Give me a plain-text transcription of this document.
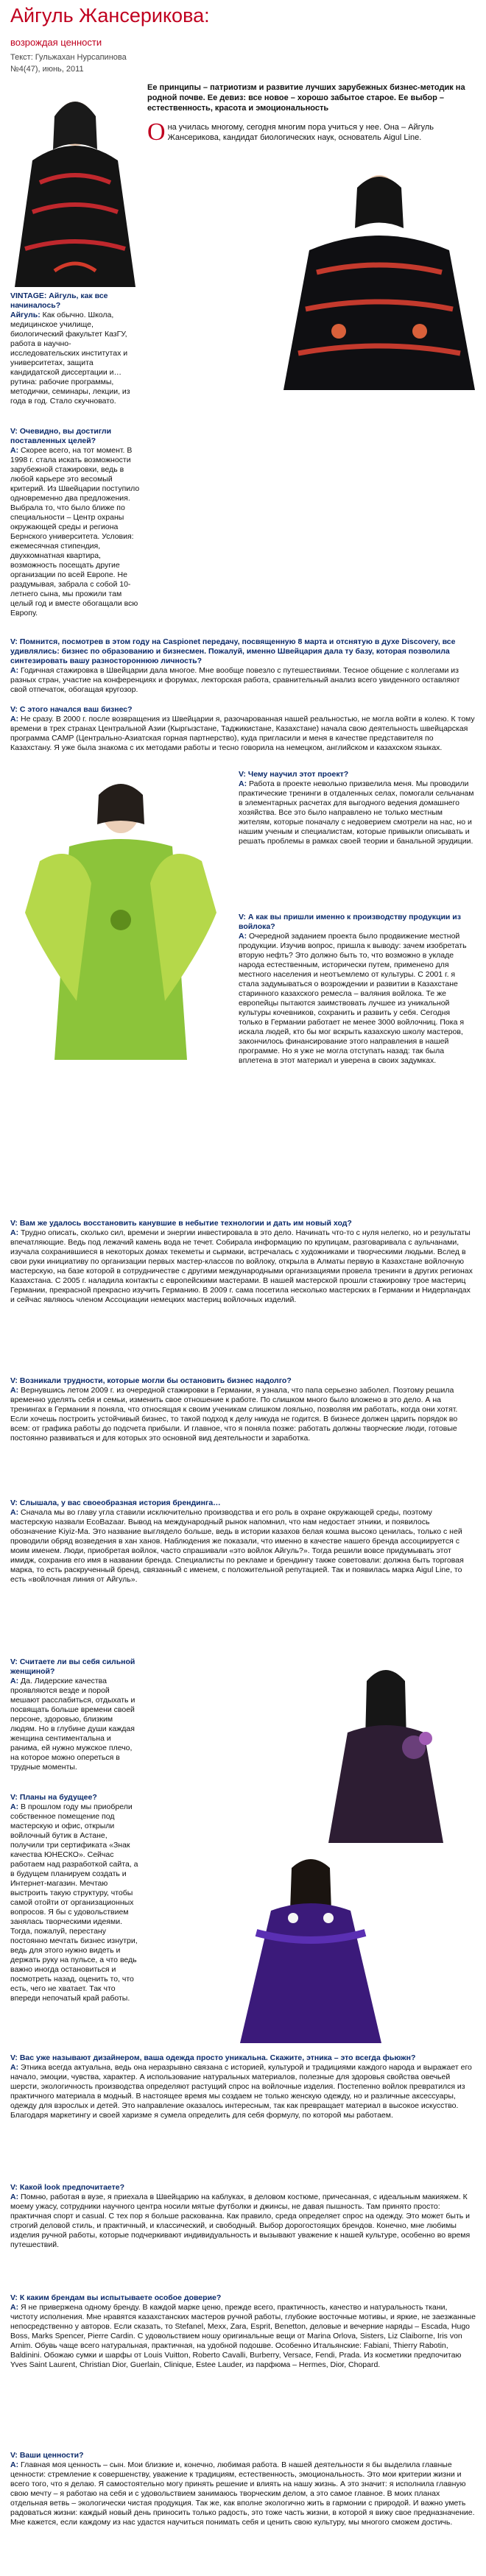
Айгуль Жансерикова:
возрождая ценности
Текст: Гульжахан Нурсапинова
№4(47), июнь, 2011
Ее принципы – патриотизм и развитие лучших зарубежных бизнес-методик на родной почве. Ее девиз: все новое – хорошо забытое старое. Ее выбор – естественность, красота и эмоциональность
Она училась многому, сегодня многим пора учиться у нее. Она – Айгуль Жансерикова, кандидат биологических наук, основатель Aigul Line.
VINTAGE: Айгуль, как все начиналось?
Айгуль: Как обычно. Школа, медицинское училище, биологический факультет КазГУ, работа в научно-исследовательских институтах и университетах, защита кандидатской диссертации и… рутина: рабочие программы, методички, семинары, лекции, из года в год. Стало скучновато.
V: Очевидно, вы достигли поставленных целей?
А: Скорее всего, на тот момент. В 1998 г. стала искать возможности зарубежной стажировки, ведь в любой карьере это весомый критерий. Из Швейцарии поступило одновременно два предложения. Выбрала то, что было ближе по специальности – Центр охраны окружающей среды и региона Бернского университета. Условия: ежемесячная стипендия, двухкомнатная квартира, возможность посещать другие организации по всей Европе. Не раздумывая, забрала с собой 10-летнего сына, мы прожили там целый год и вместе обогащали всю Европу.
V: Помнится, посмотрев в этом году на Caspionet передачу, посвященную 8 марта и отснятую в духе Discovery, все удивлялись: бизнес по образованию и бизнесмен. Пожалуй, именно Швейцария дала ту базу, которая позволила синтезировать вашу разностороннюю личность?
А: Годичная стажировка в Швейцарии дала многое. Мне вообще повезло с путешествиями. Тесное общение с коллегами из разных стран, участие на конференциях и форумах, лекторская работа, сравнительный анализ всего увиденного оставляют свой отпечаток, обогащая кругозор.
V: С этого начался ваш бизнес?
А: Не сразу. В 2000 г. после возвращения из Швейцарии я, разочарованная нашей реальностью, не могла войти в колею. К тому времени в трех странах Центральной Азии (Кыргызстане, Таджикистане, Казахстане) начала свою деятельность швейцарская программа CAMP (Центрально-Азиатская горная партнерство), куда пригласили и меня в качестве представителя по Казахстану. Я уже была знакома с их методами работы и тесно говорила на немецком, английском и казахском языках.
V: Чему научил этот проект?
А: Работа в проекте невольно призвелила меня. Мы проводили практические тренинги в отдаленных селах, помогали сельчанам в элементарных расчетах для выгодного ведения домашнего хозяйства. Все это было направлено не только местным жителям, которые поначалу с недоверием смотрели на нас, но и нашим ученым и специалистам, которые привыкли описывать и решать проблемы в рамках своей теории и банальной эрудиции.
V: А как вы пришли именно к производству продукции из войлока?
А: Очередной заданием проекта было продвижение местной продукции. Изучив вопрос, пришла к выводу: зачем изобретать вторую нефть? Это должно быть то, что возможно в укладе народа естественным, исторически путем, применено для местного населения и неотъемлемо от культуры. С 2001 г. я стала задумываться о возрождении и развитии в Казахстане старинного казахского ремесла – валяния войлока. Те же европейцы пытаются заимствовать лучшее из уникальной культуры кочевников, сохранить и развить у себя. Сегодня только в Германии работает не менее 3000 войлочниц. Пока я искала людей, кто бы мог вскрыть казахскую школу мастеров, закончилось финансирование этого направления в нашей программе. Но я уже не могла отступать назад: так была вплетена в этот материал и уверена в своих задумках.
V: Вам же удалось восстановить канувшие в небытие технологии и дать им новый ход?
А: Трудно описать, сколько сил, времени и энергии инвестировала в это дело. Начинать что-то с нуля нелегко, но и результаты впечатляющие. Ведь под лежачий камень вода не течет. Собирала информацию по крупицам, разговаривала с аульчанами, изучала сохранившиеся в некоторых домах текеметы и сырмаки, встречалась с художниками и творческими людьми. Вслед в свои руки инициативу по организации первых мастер-классов по войлоку, открыла в Алматы первую в Казахстане войлочную мастерскую, на базе которой в сотрудничестве с другими международными организациями провела тренинги в других регионах Казахстана. С 2005 г. наладила контакты с европейскими мастерами. В нашей мастерской прошли стажировку трое мастериц Германии, прекрасной прекрасно изучить Германию. В 2009 г. сама посетила несколько мастерских в Германии и Нидерландах и сейчас являюсь членом Ассоциации немецких мастериц войлочных изделий.
V: Возникали трудности, которые могли бы остановить бизнес надолго?
А: Вернувшись летом 2009 г. из очередной стажировки в Германии, я узнала, что папа серьезно заболел. Поэтому решила временно уделять себя и семьи, изменить свое отношение к работе. По слишком много было вложено в это дело. А на тренингах в Германии я поняла, что относящая к своим ученикам слишком лояльно, позволяя им работать, когда они хотят. Если хочешь построить устойчивый бизнес, то такой подход к делу никуда не годится. В бизнесе должен царить порядок во всем: от графика работы до подсчета прибыли. И главное, что я поняла позже: работать должны творческие люди, готовые постоянно развиваться и для которых это основной вид деятельности и заработка.
V: Слышала, у вас своеобразная история брендинга…
А: Сначала мы во главу угла ставили исключительно производства и его роль в охране окружающей среды, поэтому мастерскую назвали EcoBazaar. Вывод на международный рынок напомнил, что нам недостает этники, и появилось обозначение Kiyiz-Ma. Это название выглядело больше, ведь в истории казахов белая кошма высоко ценилась, только с ней проводили обряд возведения в хан ханов. Наблюдения же показали, что именно в качестве нашего бренда ассоциируется с моим именем. Люди, приобретая войлок, часто спрашивали «это войлок Айгуль?». Тогда решили вовсе придумывать этот имидж, сохранив его имя в названии бренда. Специалисты по рекламе и брендингу также советовали: должна быть торговая марка, то есть раскрученный бренд, связанный с именем, с положительной репутацией. Так и появилась марка Aigul Line, то есть «войлочная линия от Айгуль».
V: Считаете ли вы себя сильной женщиной?
А: Да. Лидерские качества проявляются везде и порой мешают расслабиться, отдыхать и посвящать больше времени своей персоне, здоровью, близким людям. Но в глубине души каждая женщина сентиментальна и ранима, ей нужно мужское плечо, на которое можно опереться в трудные моменты.
V: Планы на будущее?
А: В прошлом году мы приобрели собственное помещение под мастерскую и офис, открыли войлочный бутик в Астане, получили три сертификата «Знак качества ЮНЕСКО». Сейчас работаем над разработкой сайта, а в будущем планируем создать и Интернет-магазин. Мечтаю выстроить такую структуру, чтобы самой отойти от организационных вопросов. Я бы с удовольствием занялась творческими идеями. Тогда, пожалуй, перестану постоянно мечтать бизнес изнутри, ведь для этого нужно видеть и держать руку на пульсе, а что ведь важно иногда остановиться и посмотреть назад, оценить то, что есть, чего не хватает. Так что впереди непочатый край работы.
V: Вас уже называют дизайнером, ваша одежда просто уникальна. Скажите, этника – это всегда фьюжн?
А: Этника всегда актуальна, ведь она неразрывно связана с историей, культурой и традициями каждого народа и выражает его начало, эмоции, чувства, характер. А использование натуральных материалов, полезные для здоровья свойства овечьей шерсти, экологичность производства определяют растущий спрос на войлочные изделия. Постепенно войлок превратился из практичного материала в модный. В настоящее время мы создаем не только женскую одежду, но и различные аксессуары, одежду для взрослых и детей. Это направление оказалось интересным, так как превращает материал в высокое искусство. Благодаря маркетингу и своей харизме я сумела определить для себя формулу, по которой мы работаем.
V: Какой look предпочитаете?
А: Помню, работая в вузе, я приехала в Швейцарию на каблуках, в деловом костюме, причесанная, с идеальным макияжем. К моему ужасу, сотрудники научного центра носили мятые футболки и джинсы, не давая пышность. Там принято просто: практичная спорт и casual. С тех пор я больше раскованна. Как правило, среда определяет спрос на одежду. Это может быть и строгий деловой стиль, и практичный, и классический, и свободный. Выбор дорогостоящих брендов. Конечно, мне любимы изделия ручной работы, которые подчеркивают индивидуальность и вызывают уважение к нашей культуре, особенно во время путешествий.
V: К каким брендам вы испытываете особое доверие?
А: Я не привержена одному бренду. В каждой марке ценю, прежде всего, практичность, качество и натуральность ткани, чистоту исполнения. Мне нравятся казахстанских мастеров ручной работы, глубокие восточные мотивы, и яркие, не заезжанные непосредственно у авторов. Если сказать, то Stefanel, Mexx, Zara, Esprit, Benetton, деловые и вечерние наряды – Escada, Hugo Boss, Marks Spencer, Pierre Cardin. С удовольствием ношу оригинальные вещи от Marina Orlova, Sisters, Liz Claiborne, Iris von Arnim. Обувь чаще всего натуральная, практичная, на удобной подошве. Особенно Итальянские: Fabiani, Thierry Rabotin, Baldinini. Обожаю сумки и шарфы от Louis Vuitton, Roberto Cavalli, Burberry, Versace, Fendi, Prada. Из косметики предпочитаю Yves Saint Laurent, Christian Dior, Guerlain, Clinique, Estee Lauder, из парфюма – Hermes, Dior, Chopard.
V: Ваши ценности?
А: Главная моя ценность – сын. Мои близкие и, конечно, любимая работа. В нашей деятельности я бы выделила главные ценности: стремление к совершенству, уважение к традициям, естественность, эмоциональность. Это мои критерии жизни и всего того, что я делаю. Я самостоятельно могу принять решение и влиять на нашу жизнь. А это значит: я исполнила главную свою мечту – я работаю на себя и с удовольствием занимаюсь творческим делом, а это самое главное. В моих планах отдельная ветвь – экологически чистая продукция. Так же, как вполне экологично жить в гармонии с природой. И важно уметь радоваться жизни: каждый новый день приносить только радость, это тоже часть жизни, в которой я вижу свое предназначение. Мне кажется, если каждому из нас удастся научиться понимать себя и ценить свою культуру, мы многого сможем достичь.
